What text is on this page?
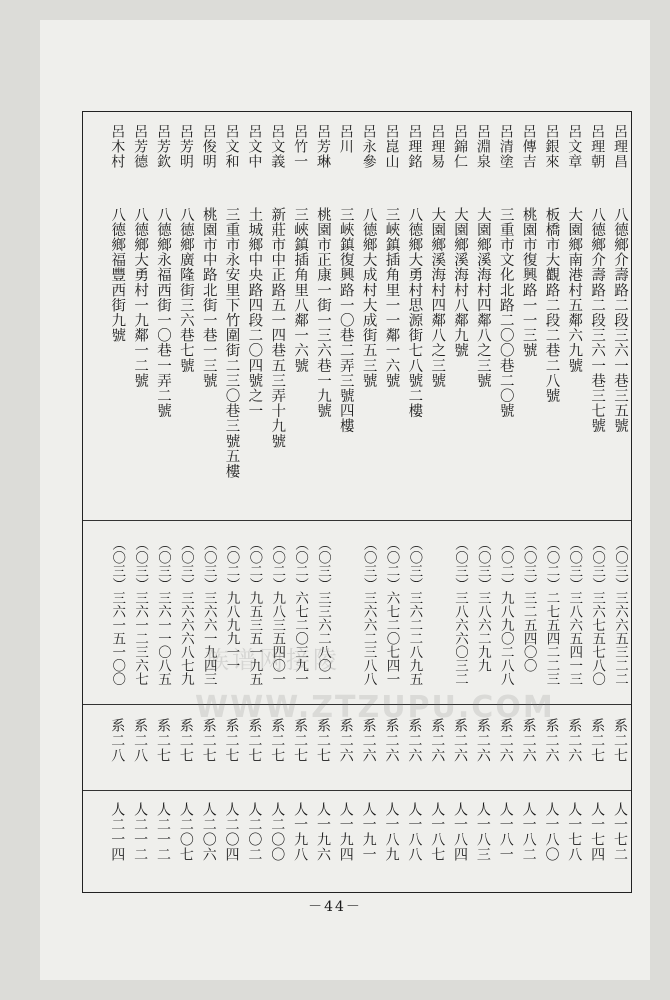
呂理昌
八德鄉介壽路二段三六一巷三五號
（〇三）三六六五三二二
系二七
人一七二
呂理朝
八德鄉介壽路二段三六一巷三七號
（〇三）三六七五七八〇
系二七
人一七四
呂文章
大園鄉南港村五鄰六九號
（〇三）三八六五四一三
系二六
人一七八
呂銀來
板橋市大觀路二段二巷二八號
（〇二）二七五四二二三
系二六
人一八〇
呂傳吉
桃園市復興路一一三號
（〇三）三二五四〇〇
系二六
人一八二
呂清塗
三重市文化北路二〇〇巷二〇號
（〇二）九八九〇二八八
系二六
人一八一
呂淵泉
大園鄉溪海村四鄰八之三號
（〇三）三八六二九九
系二六
人一八三
呂錦仁
大園鄉溪海村八鄰九號
（〇三）三八六六〇三二
系二六
人一八四
呂理易
大園鄉溪海村四鄰八之三號
系二六
人一八七
呂理銘
八德鄉大勇村思源街七八號二樓
（〇三）三六二二八九五
系二六
人一八八
呂崑山
三峽鎮插角里一一鄰一六號
（〇二）六七二〇七四一
系二六
人一八九
呂永參
八德鄉大成村大成街五三號
（〇三）三六六二三八八
系二六
人一九一
呂川
三峽鎮復興路一〇巷二弄三號四樓
系二六
人一九四
呂芳琳
桃園市正康一街一三六巷一九號
（〇三）三三六二八〇一
系二七
人一九六
呂竹一
三峽鎮插角里八鄰一六號
（〇二）六七二〇三九一
系二七
人一九八
呂文義
新莊市中正路五一四巷五三弄十九號
（〇二）九八三五四〇一
系二七
人二〇〇
呂文中
土城鄉中央路四段二〇四號之一
（〇二）九五三五一九五
系二七
人二〇二
呂文和
三重市永安里下竹圍街二三〇巷三號五樓
（〇二）九八九九一一
系二七
人二〇四
呂俊明
桃園市中路北街一巷一三號
（〇三）三六六一九四三
系二七
人二〇六
呂芳明
八德鄉廣隆街三六巷七號
（〇三）三六六六八七九
系二七
人二〇七
呂芳欽
八德鄉永福西街一〇巷一弄二號
（〇三）三六一一〇八五
系二七
人二一二
呂芳德
八德鄉大勇村一九鄰一二號
（〇三）三六一二三六七
系二八
人二一二
呂木村
八德鄉福豐西街九號
（〇三）三六一五一〇〇
系二八
人二一四
族谱网接陵
WWW.ZTZUPU.COM
－44－
